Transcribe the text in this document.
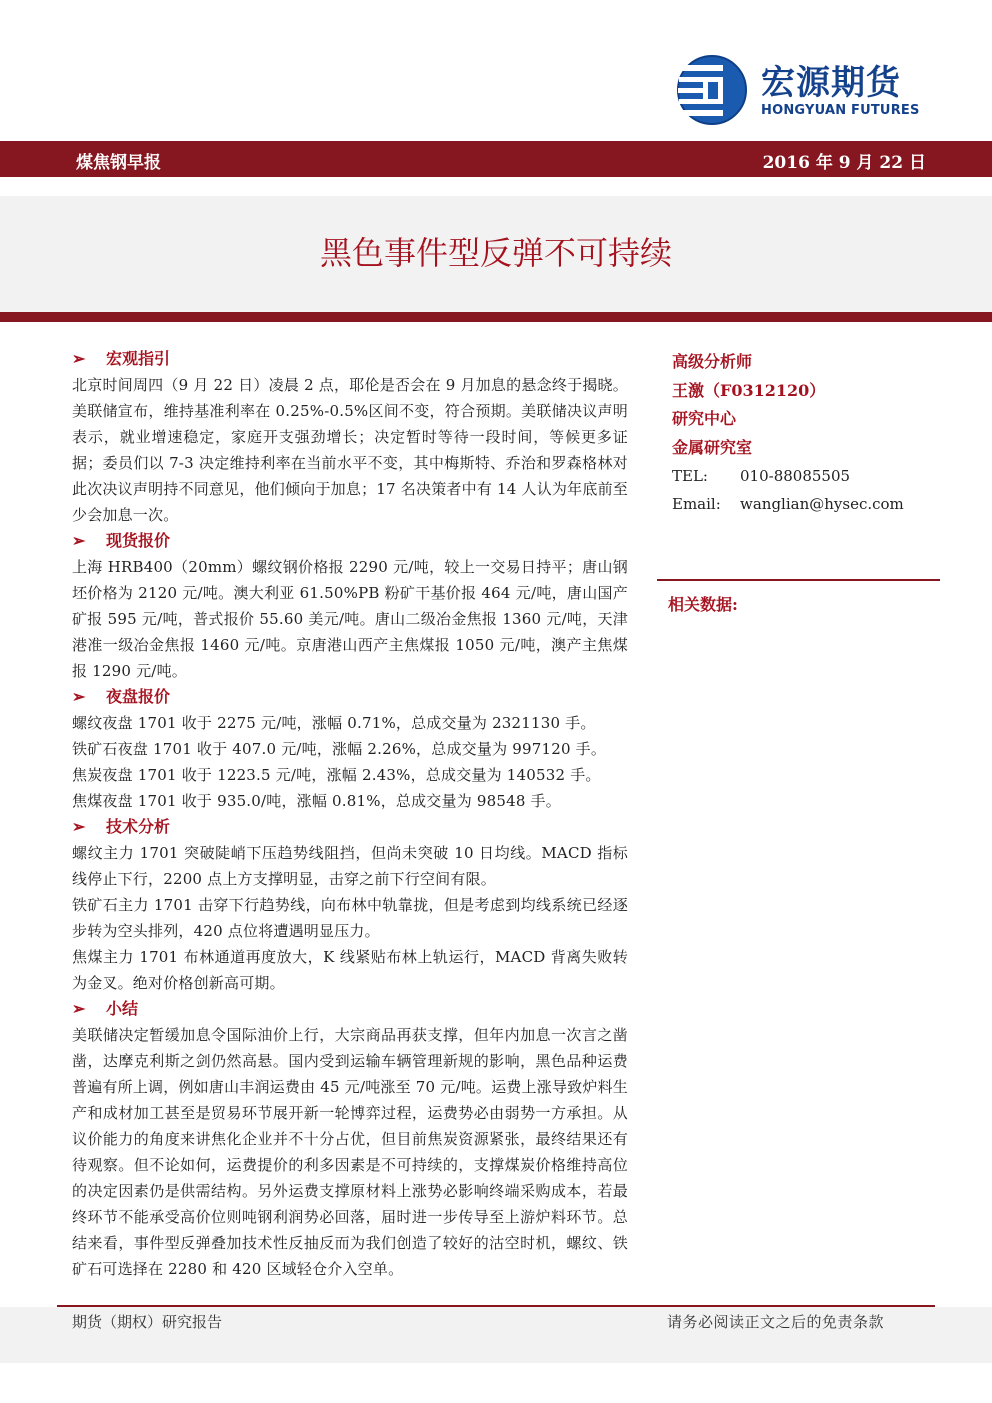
宏源期货
HONGYUAN FUTURES
煤焦钢早报	2016 年 9 月 22 日
黑色事件型反弹不可持续
➢ 宏观指引

北京时间周四（9 月 22 日）凌晨 2 点，耶伦是否会在 9 月加息的悬念终于揭晓。美联储宣布，维持基准利率在 0.25%-0.5%区间不变，符合预期。美联储决议声明表示，就业增速稳定，家庭开支强劲增长；决定暂时等待一段时间，等候更多证据；委员们以 7-3 决定维持利率在当前水平不变，其中梅斯特、乔治和罗森格林对此次决议声明持不同意见，他们倾向于加息；17 名决策者中有 14 人认为年底前至少会加息一次。

➢ 现货报价

上海 HRB400（20mm）螺纹钢价格报 2290 元/吨，较上一交易日持平；唐山钢坯价格为 2120 元/吨。澳大利亚 61.50%PB 粉矿干基价报 464 元/吨，唐山国产矿报 595 元/吨，普式报价 55.60 美元/吨。唐山二级冶金焦报 1360 元/吨，天津港准一级冶金焦报 1460 元/吨。京唐港山西产主焦煤报 1050 元/吨，澳产主焦煤报 1290 元/吨。

➢ 夜盘报价

螺纹夜盘 1701 收于 2275 元/吨，涨幅 0.71%，总成交量为 2321130 手。

铁矿石夜盘 1701 收于 407.0 元/吨，涨幅 2.26%，总成交量为 997120 手。

焦炭夜盘 1701 收于 1223.5 元/吨，涨幅 2.43%，总成交量为 140532 手。

焦煤夜盘 1701 收于 935.0/吨，涨幅 0.81%，总成交量为 98548 手。

➢ 技术分析

螺纹主力 1701 突破陡峭下压趋势线阻挡，但尚未突破 10 日均线。MACD 指标线停止下行，2200 点上方支撑明显，击穿之前下行空间有限。

铁矿石主力 1701 击穿下行趋势线，向布林中轨靠拢，但是考虑到均线系统已经逐步转为空头排列，420 点位将遭遇明显压力。

焦煤主力 1701 布林通道再度放大，K 线紧贴布林上轨运行，MACD 背离失败转为金叉。绝对价格创新高可期。

➢ 小结

美联储决定暂缓加息令国际油价上行，大宗商品再获支撑，但年内加息一次言之凿凿，达摩克利斯之剑仍然高悬。国内受到运输车辆管理新规的影响，黑色品种运费普遍有所上调，例如唐山丰润运费由 45 元/吨涨至 70 元/吨。运费上涨导致炉料生产和成材加工甚至是贸易环节展开新一轮博弈过程，运费势必由弱势一方承担。从议价能力的角度来讲焦化企业并不十分占优，但目前焦炭资源紧张，最终结果还有待观察。但不论如何，运费提价的利多因素是不可持续的，支撑煤炭价格维持高位的决定因素仍是供需结构。另外运费支撑原材料上涨势必影响终端采购成本，若最终环节不能承受高价位则吨钢利润势必回落，届时进一步传导至上游炉料环节。总结来看，事件型反弹叠加技术性反抽反而为我们创造了较好的沽空时机，螺纹、铁矿石可选择在 2280 和 420 区域轻仓介入空单。

高级分析师
王激（F0312120）
研究中心
金属研究室
TEL: 010-88085505
Email: wanglian@hysec.com
相关数据:
期货（期权）研究报告	请务必阅读正文之后的免责条款
